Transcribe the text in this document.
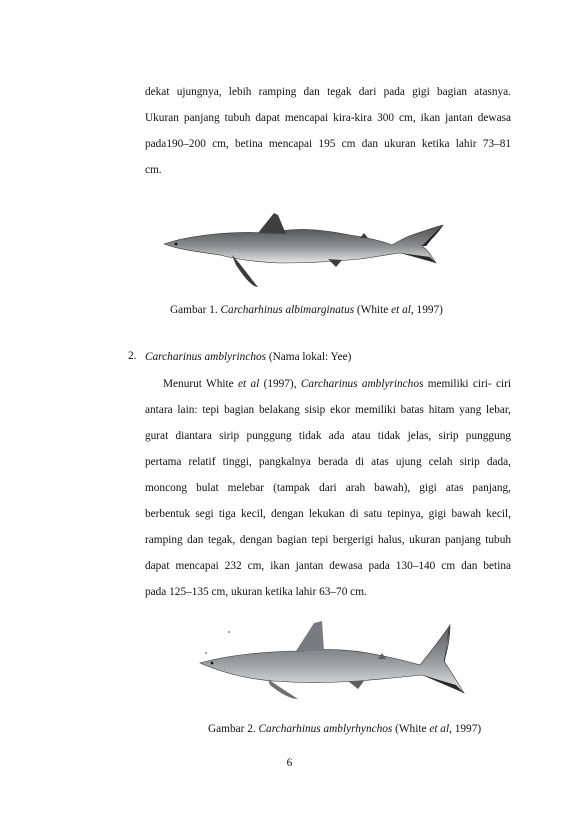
dekat ujungnya, lebih ramping dan tegak dari pada gigi bagian atasnya.
Ukuran panjang tubuh dapat mencapai kira-kira 300 cm, ikan jantan dewasa
pada190–200 cm, betina mencapai 195 cm dan ukuran ketika lahir 73–81
cm.
Gambar 1. Carcharhinus albimarginatus (White et al, 1997)
2. Carcharinus amblyrinchos (Nama lokal: Yee)
Menurut White et al (1997), Carcharinus amblyrinchos memiliki ciri- ciri
antara lain: tepi bagian belakang sisip ekor memiliki batas hitam yang lebar,
gurat diantara sirip punggung tidak ada atau tidak jelas, sirip punggung
pertama relatif tinggi, pangkalnya berada di atas ujung celah sirip dada,
moncong bulat melebar (tampak dari arah bawah), gigi atas panjang,
berbentuk segi tiga kecil, dengan lekukan di satu tepinya, gigi bawah kecil,
ramping dan tegak, dengan bagian tepi bergerigi halus, ukuran panjang tubuh
dapat mencapai 232 cm, ikan jantan dewasa pada 130–140 cm dan betina
pada 125–135 cm, ukuran ketika lahir 63–70 cm.
Gambar 2. Carcharhinus amblyrhynchos (White et al, 1997)
6
